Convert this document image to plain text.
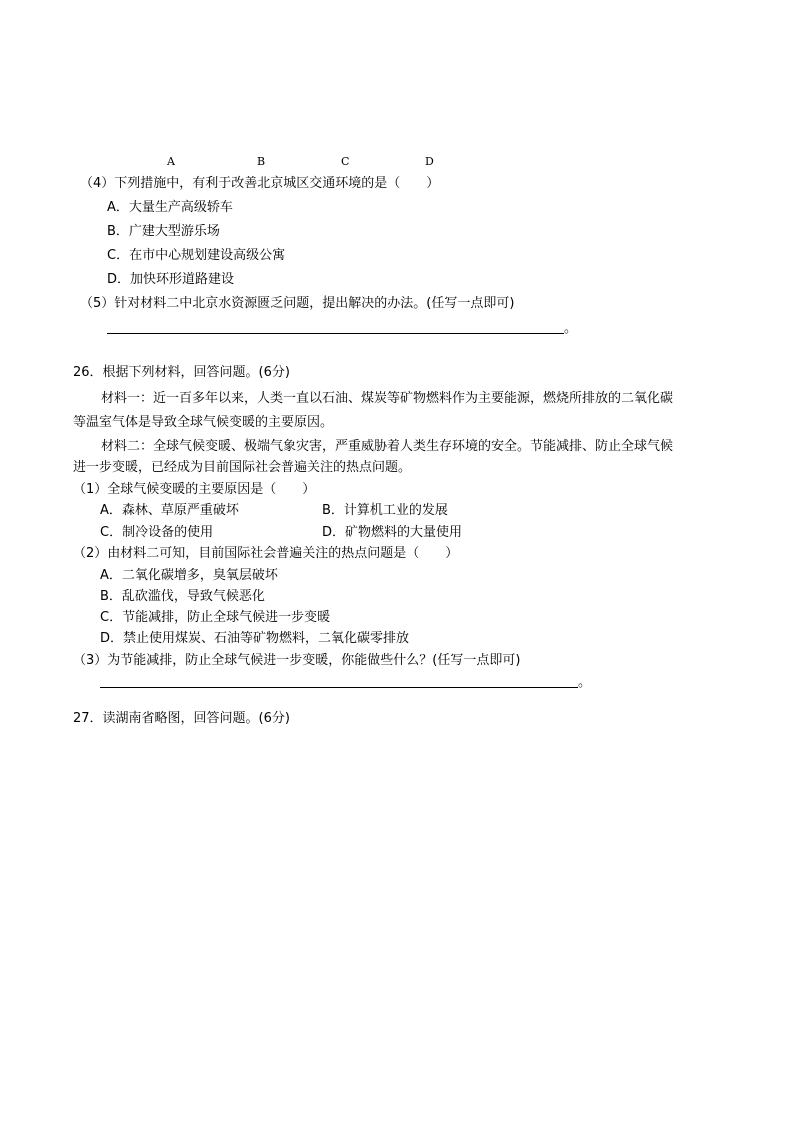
A	B	C	D
（4）下列措施中，有利于改善北京城区交通环境的是（　　）
A．大量生产高级轿车
B．广建大型游乐场
C．在市中心规划建设高级公寓
D．加快环形道路建设
（5）针对材料二中北京水资源匮乏问题，提出解决的办法。(任写一点即可)
。
26．根据下列材料，回答问题。(6分)
材料一：近一百多年以来，人类一直以石油、煤炭等矿物燃料作为主要能源，燃烧所排放的二氧化碳
等温室气体是导致全球气候变暖的主要原因。
材料二：全球气候变暖、极端气象灾害，严重威胁着人类生存环境的安全。节能减排、防止全球气候
进一步变暖，已经成为目前国际社会普遍关注的热点问题。
（1）全球气候变暖的主要原因是（　　）
A．森林、草原严重破坏	B．计算机工业的发展
C．制冷设备的使用	D．矿物燃料的大量使用
（2）由材料二可知，目前国际社会普遍关注的热点问题是（　　）
A．二氧化碳增多，臭氧层破坏
B．乱砍滥伐，导致气候恶化
C．节能减排，防止全球气候进一步变暖
D．禁止使用煤炭、石油等矿物燃料，二氧化碳零排放
（3）为节能减排，防止全球气候进一步变暖，你能做些什么？(任写一点即可)
。
27．读湖南省略图，回答问题。(6分)
